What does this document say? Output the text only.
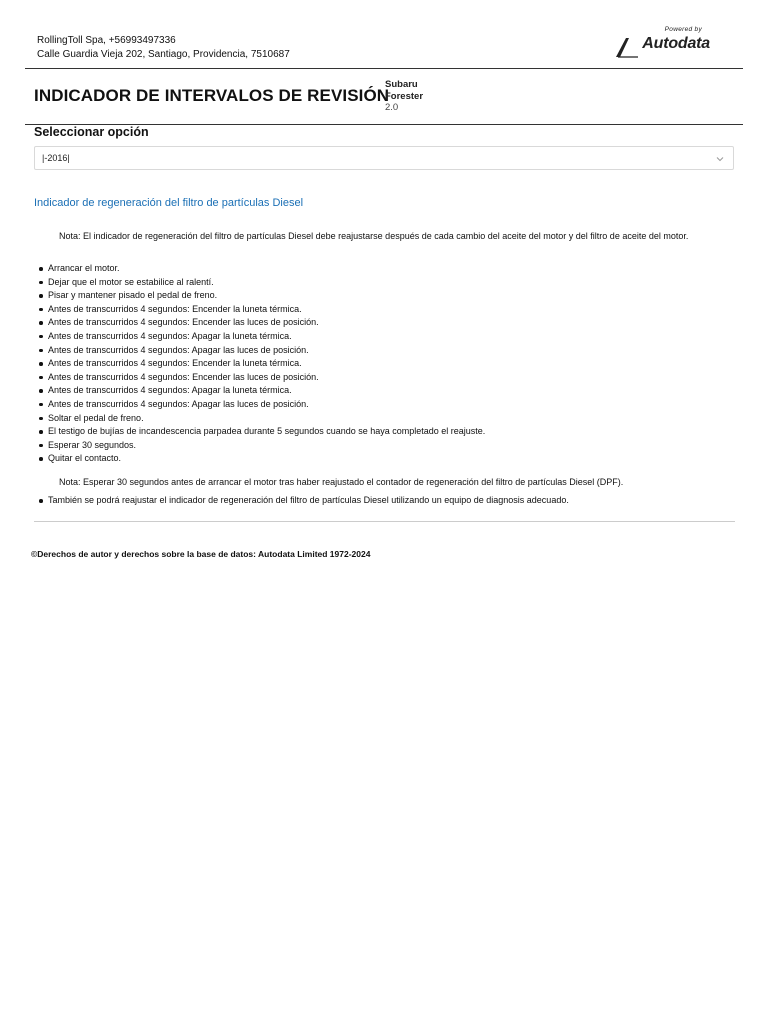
RollingToll Spa, +56993497336
Calle Guardia Vieja 202, Santiago, Providencia, 7510687
Powered by
Autodata
INDICADOR DE INTERVALOS DE REVISIÓN
Subaru
Forester
2.0
Seleccionar opción
|-2016|
Indicador de regeneración del filtro de partículas Diesel
Nota: El indicador de regeneración del filtro de partículas Diesel debe reajustarse después de cada cambio del aceite del motor y del filtro de aceite del motor.
Arrancar el motor.
Dejar que el motor se estabilice al ralentí.
Pisar y mantener pisado el pedal de freno.
Antes de transcurridos 4 segundos: Encender la luneta térmica.
Antes de transcurridos 4 segundos: Encender las luces de posición.
Antes de transcurridos 4 segundos: Apagar la luneta térmica.
Antes de transcurridos 4 segundos: Apagar las luces de posición.
Antes de transcurridos 4 segundos: Encender la luneta térmica.
Antes de transcurridos 4 segundos: Encender las luces de posición.
Antes de transcurridos 4 segundos: Apagar la luneta térmica.
Antes de transcurridos 4 segundos: Apagar las luces de posición.
Soltar el pedal de freno.
El testigo de bujías de incandescencia parpadea durante 5 segundos cuando se haya completado el reajuste.
Esperar 30 segundos.
Quitar el contacto.
Nota: Esperar 30 segundos antes de arrancar el motor tras haber reajustado el contador de regeneración del filtro de partículas Diesel (DPF).
También se podrá reajustar el indicador de regeneración del filtro de partículas Diesel utilizando un equipo de diagnosis adecuado.
©Derechos de autor y derechos sobre la base de datos: Autodata Limited 1972-2024
